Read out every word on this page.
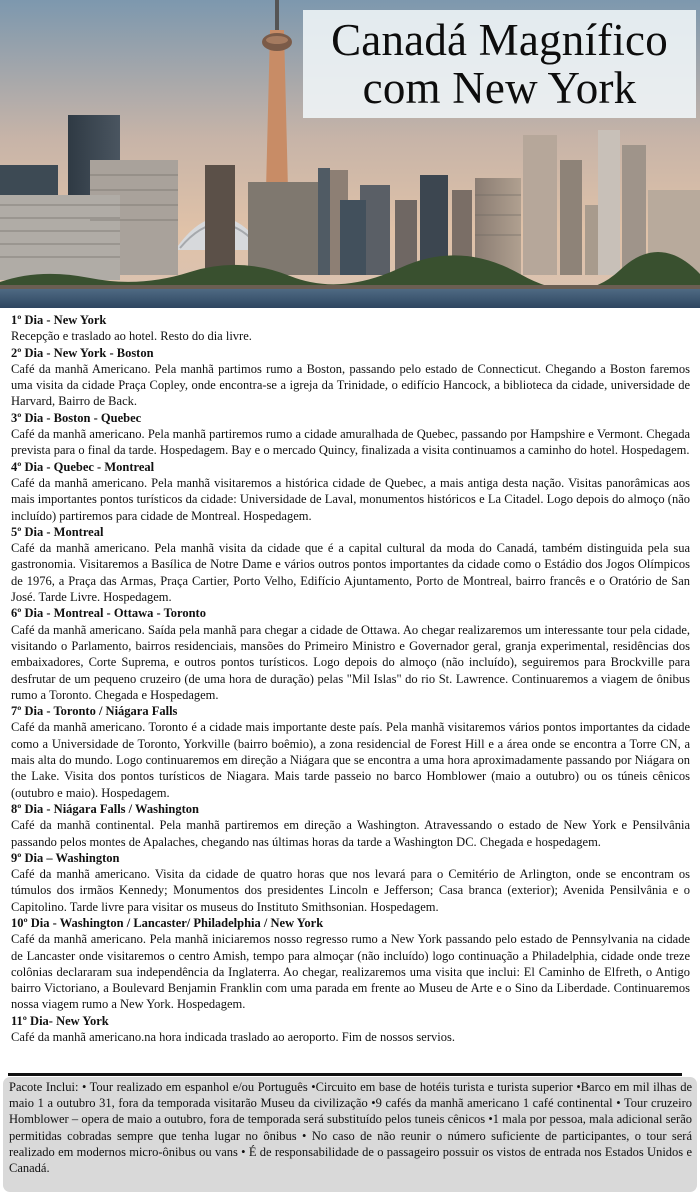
Canadá Magnífico
com New York
1º Dia - New York
Recepção e traslado ao hotel. Resto do dia livre.
2º Dia - New York - Boston
Café da manhã Americano. Pela manhã partimos rumo a Boston, passando pelo estado de Connecticut. Chegando a Boston faremos uma visita da cidade Praça Copley, onde encontra-se a igreja da Trinidade, o edifício Hancock, a biblioteca da cidade, universidade de Harvard, Bairro de Back.
3º Dia - Boston - Quebec
Café da manhã americano. Pela manhã partiremos rumo a cidade amuralhada de Quebec, passando por Hampshire e Vermont. Chegada prevista para o final da tarde. Hospedagem. Bay e o mercado Quincy, finalizada a visita continuamos a caminho do hotel. Hospedagem.
4º Dia - Quebec - Montreal
Café da manhã americano. Pela manhã visitaremos a histórica cidade de Quebec, a mais antiga desta nação. Visitas panorâmicas aos mais importantes pontos turísticos da cidade: Universidade de Laval, monumentos históricos e La Citadel. Logo depois do almoço (não incluído) partiremos para cidade de Montreal. Hospedagem.
5º Dia - Montreal
Café da manhã americano. Pela manhã visita da cidade que é a capital cultural da moda do Canadá, também distinguida pela sua gastronomia. Visitaremos a Basílica de Notre Dame e vários outros pontos importantes da cidade como o Estádio dos Jogos Olímpicos de 1976, a Praça das Armas, Praça Cartier, Porto Velho, Edifício Ajuntamento, Porto de Montreal, bairro francês e o Oratório de San José. Tarde Livre. Hospedagem.
6º Dia - Montreal - Ottawa - Toronto
Café da manhã americano. Saída pela manhã para chegar a cidade de Ottawa. Ao chegar realizaremos um interessante tour pela cidade, visitando o Parlamento, bairros residenciais, mansões do Primeiro Ministro e Governador geral, granja experimental, residências dos embaixadores, Corte Suprema, e outros pontos turísticos. Logo depois do almoço (não incluído), seguiremos para Brockville para desfrutar de um pequeno cruzeiro (de uma hora de duração) pelas "Mil Islas" do rio St. Lawrence. Continuaremos a viagem de ônibus rumo a Toronto. Chegada e Hospedagem.
7º Dia - Toronto / Niágara Falls
Café da manhã americano. Toronto é a cidade mais importante deste país. Pela manhã visitaremos vários pontos importantes da cidade como a Universidade de Toronto, Yorkville (bairro boêmio), a zona residencial de Forest Hill e a área onde se encontra a Torre CN, a mais alta do mundo. Logo continuaremos em direção a Niágara que se encontra a uma hora aproximadamente passando por Niágara on the Lake. Visita dos pontos turísticos de Niagara. Mais tarde passeio no barco Homblower (maio a outubro) ou os túneis cênicos (outubro e maio). Hospedagem.
8º Dia - Niágara Falls / Washington
Café da manhã continental. Pela manhã partiremos em direção a Washington. Atravessando o estado de New York e Pensilvânia passando pelos montes de Apalaches, chegando nas últimas horas da tarde a Washington DC. Chegada e hospedagem.
9º Dia – Washington
Café da manhã americano. Visita da cidade de quatro horas que nos levará para o Cemitério de Arlington, onde se encontram os túmulos dos irmãos Kennedy; Monumentos dos presidentes Lincoln e Jefferson; Casa branca (exterior); Avenida Pensilvânia e o Capitolino. Tarde livre para visitar os museus do Instituto Smithsonian. Hospedagem.
10º Dia - Washington / Lancaster/ Philadelphia / New York
Café da manhã americano. Pela manhã iniciaremos nosso regresso rumo a New York passando pelo estado de Pennsylvania na cidade de Lancaster onde visitaremos o centro Amish, tempo para almoçar (não incluído) logo continuação a Philadelphia, cidade onde treze colônias declararam sua independência da Inglaterra. Ao chegar, realizaremos uma visita que inclui: El Caminho de Elfreth, o Antigo bairro Victoriano, a Boulevard Benjamin Franklin com uma parada em frente ao Museu de Arte e o Sino da Liberdade. Continuaremos nossa viagem rumo a New York. Hospedagem.
11º Dia- New York
Café da manhã americano.na hora indicada traslado ao aeroporto. Fim de nossos servios.
Pacote Inclui: • Tour realizado em espanhol e/ou Português •Circuito em base de hotéis turista e turista superior •Barco em mil ilhas de maio 1 a outubro 31, fora da temporada visitarão Museu da civilização •9 cafés da manhã americano 1 café continental • Tour cruzeiro Homblower – opera de maio a outubro, fora de temporada será substituído pelos tuneis cênicos •1 mala por pessoa, mala adicional serão permitidas cobradas sempre que tenha lugar no ônibus • No caso de não reunir o número suficiente de participantes, o tour será realizado em modernos micro-ônibus ou vans • É de responsabilidade de o passageiro possuir os vistos de entrada nos Estados Unidos e Canadá.
